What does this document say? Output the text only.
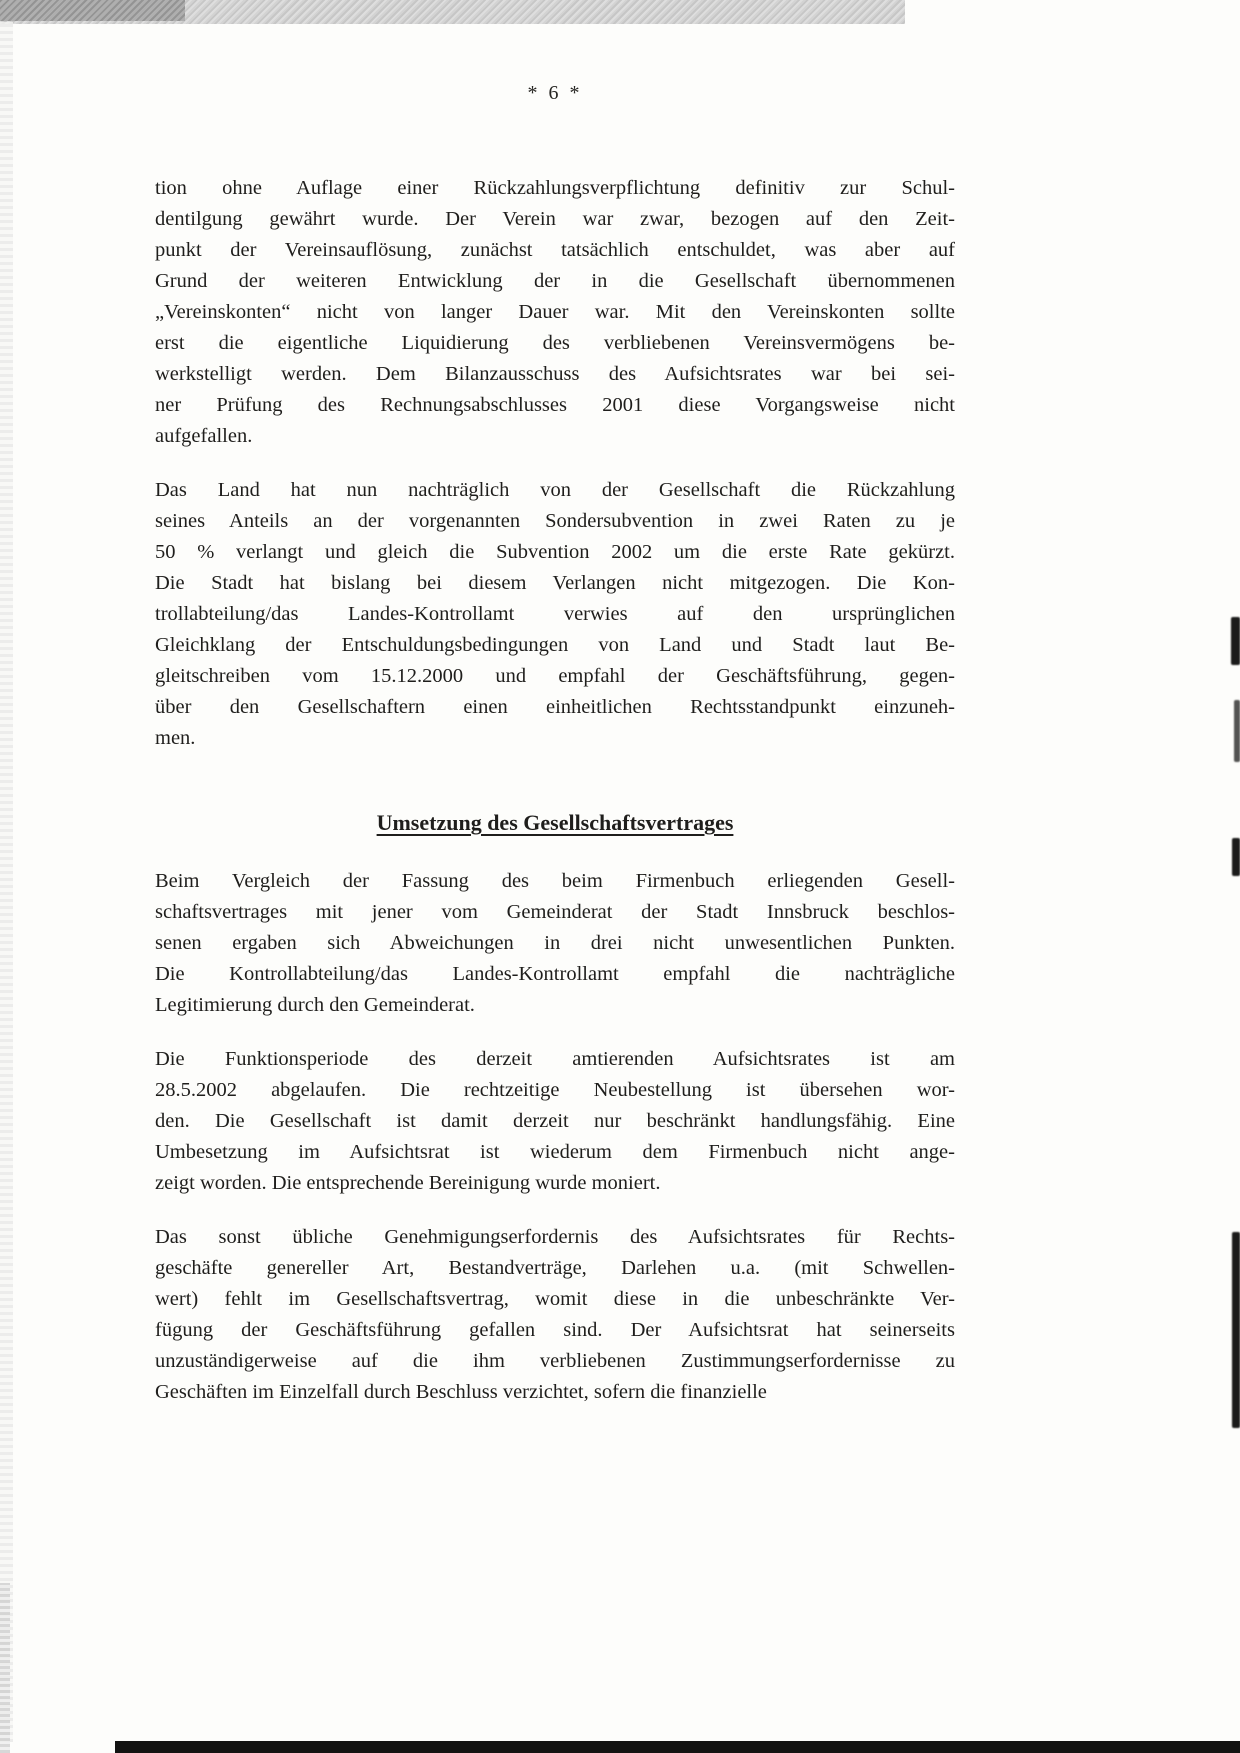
* 6 *
tion ohne Auflage einer Rückzahlungsverpflichtung definitiv zur Schul-
dentilgung gewährt wurde. Der Verein war zwar, bezogen auf den Zeit-
punkt der Vereinsauflösung, zunächst tatsächlich entschuldet, was aber auf
Grund der weiteren Entwicklung der in die Gesellschaft übernommenen
„Vereinskonten“ nicht von langer Dauer war. Mit den Vereinskonten sollte
erst die eigentliche Liquidierung des verbliebenen Vereinsvermögens be-
werkstelligt werden. Dem Bilanzausschuss des Aufsichtsrates war bei sei-
ner Prüfung des Rechnungsabschlusses 2001 diese Vorgangsweise nicht
aufgefallen.
Das Land hat nun nachträglich von der Gesellschaft die Rückzahlung
seines Anteils an der vorgenannten Sondersubvention in zwei Raten zu je
50 % verlangt und gleich die Subvention 2002 um die erste Rate gekürzt.
Die Stadt hat bislang bei diesem Verlangen nicht mitgezogen. Die Kon-
trollabteilung/das Landes-Kontrollamt verwies auf den ursprünglichen
Gleichklang der Entschuldungsbedingungen von Land und Stadt laut Be-
gleitschreiben vom 15.12.2000 und empfahl der Geschäftsführung, gegen-
über den Gesellschaftern einen einheitlichen Rechtsstandpunkt einzuneh-
men.
Umsetzung des Gesellschaftsvertrages
Beim Vergleich der Fassung des beim Firmenbuch erliegenden Gesell-
schaftsvertrages mit jener vom Gemeinderat der Stadt Innsbruck beschlos-
senen ergaben sich Abweichungen in drei nicht unwesentlichen Punkten.
Die Kontrollabteilung/das Landes-Kontrollamt empfahl die nachträgliche
Legitimierung durch den Gemeinderat.
Die Funktionsperiode des derzeit amtierenden Aufsichtsrates ist am
28.5.2002 abgelaufen. Die rechtzeitige Neubestellung ist übersehen wor-
den. Die Gesellschaft ist damit derzeit nur beschränkt handlungsfähig. Eine
Umbesetzung im Aufsichtsrat ist wiederum dem Firmenbuch nicht ange-
zeigt worden. Die entsprechende Bereinigung wurde moniert.
Das sonst übliche Genehmigungserfordernis des Aufsichtsrates für Rechts-
geschäfte genereller Art, Bestandverträge, Darlehen u.a. (mit Schwellen-
wert) fehlt im Gesellschaftsvertrag, womit diese in die unbeschränkte Ver-
fügung der Geschäftsführung gefallen sind. Der Aufsichtsrat hat seinerseits
unzuständigerweise auf die ihm verbliebenen Zustimmungserfordernisse zu
Geschäften im Einzelfall durch Beschluss verzichtet, sofern die finanzielle
